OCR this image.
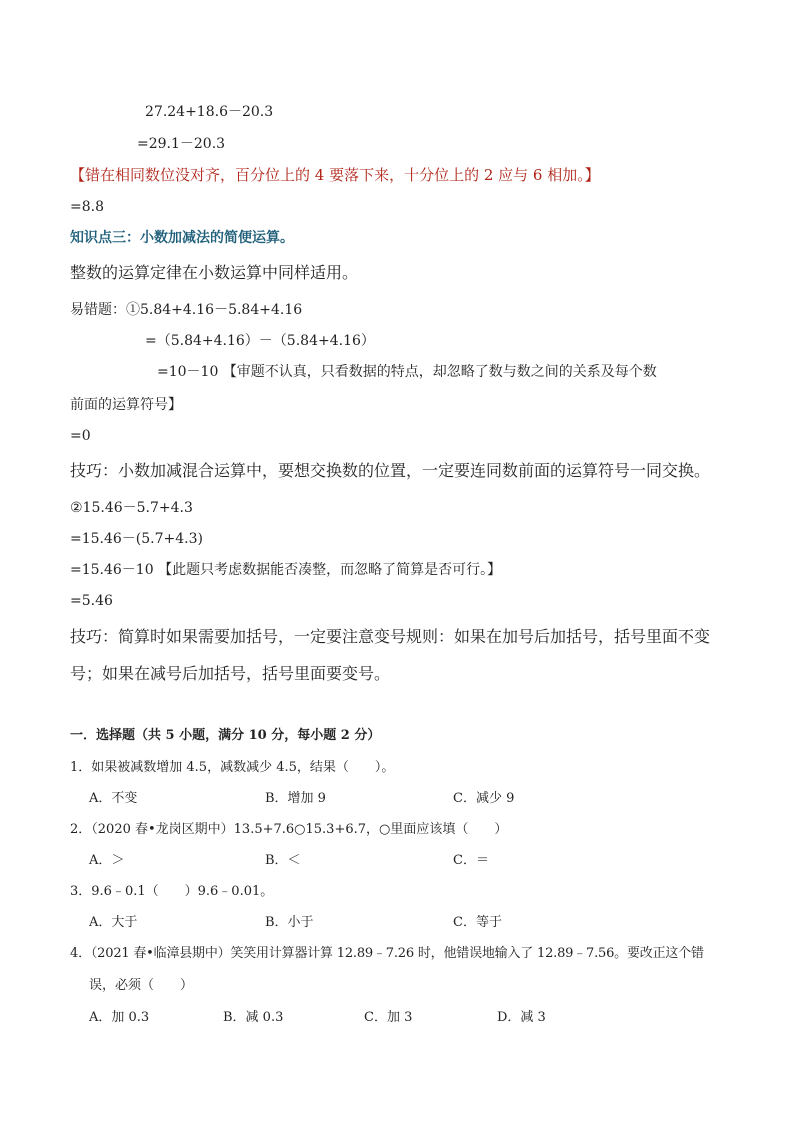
27.24+18.6－20.3
=29.1－20.3
【错在相同数位没对齐，百分位上的 4 要落下来，十分位上的 2 应与 6 相加。】
=8.8
知识点三：小数加减法的简便运算。
整数的运算定律在小数运算中同样适用。
易错题：①5.84+4.16－5.84+4.16
=（5.84+4.16）－（5.84+4.16）
=10－10 【审题不认真，只看数据的特点，却忽略了数与数之间的关系及每个数
前面的运算符号】
=0
技巧：小数加减混合运算中，要想交换数的位置，一定要连同数前面的运算符号一同交换。
②15.46－5.7+4.3
=15.46－(5.7+4.3)
=15.46－10 【此题只考虑数据能否凑整，而忽略了简算是否可行。】
=5.46
技巧：简算时如果需要加括号，一定要注意变号规则：如果在加号后加括号，括号里面不变
号；如果在减号后加括号，括号里面要变号。
一．选择题（共 5 小题，满分 10 分，每小题 2 分）
1．如果被减数增加 4.5，减数减少 4.5，结果（　　）。
A．不变	B．增加 9	C．减少 9
2．（2020 春•龙岗区期中）13.5+7.6○15.3+6.7，○里面应该填（　　）
A．＞	B．＜	C．＝
3．9.6﹣0.1（　　）9.6﹣0.01。
A．大于	B．小于	C．等于
4．（2021 春•临漳县期中）笑笑用计算器计算 12.89﹣7.26 时，他错误地输入了 12.89﹣7.56。要改正这个错
误，必须（　　）
A．加 0.3	B．减 0.3	C．加 3	D．减 3
